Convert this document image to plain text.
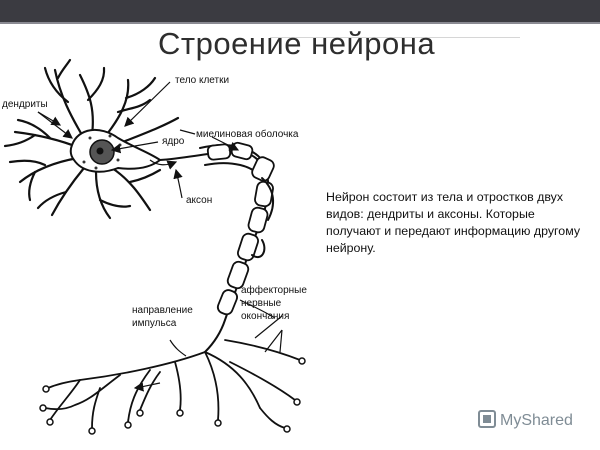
Строение нейрона
тело клетки
дендриты
ядро
миелиновая оболочка
аксон
направление
импульса
аффекторные
нервные
окончания
Нейрон состоит из тела и отростков двух видов: дендриты и аксоны. Которые получают и передают информацию другому нейрону.
MyShared
